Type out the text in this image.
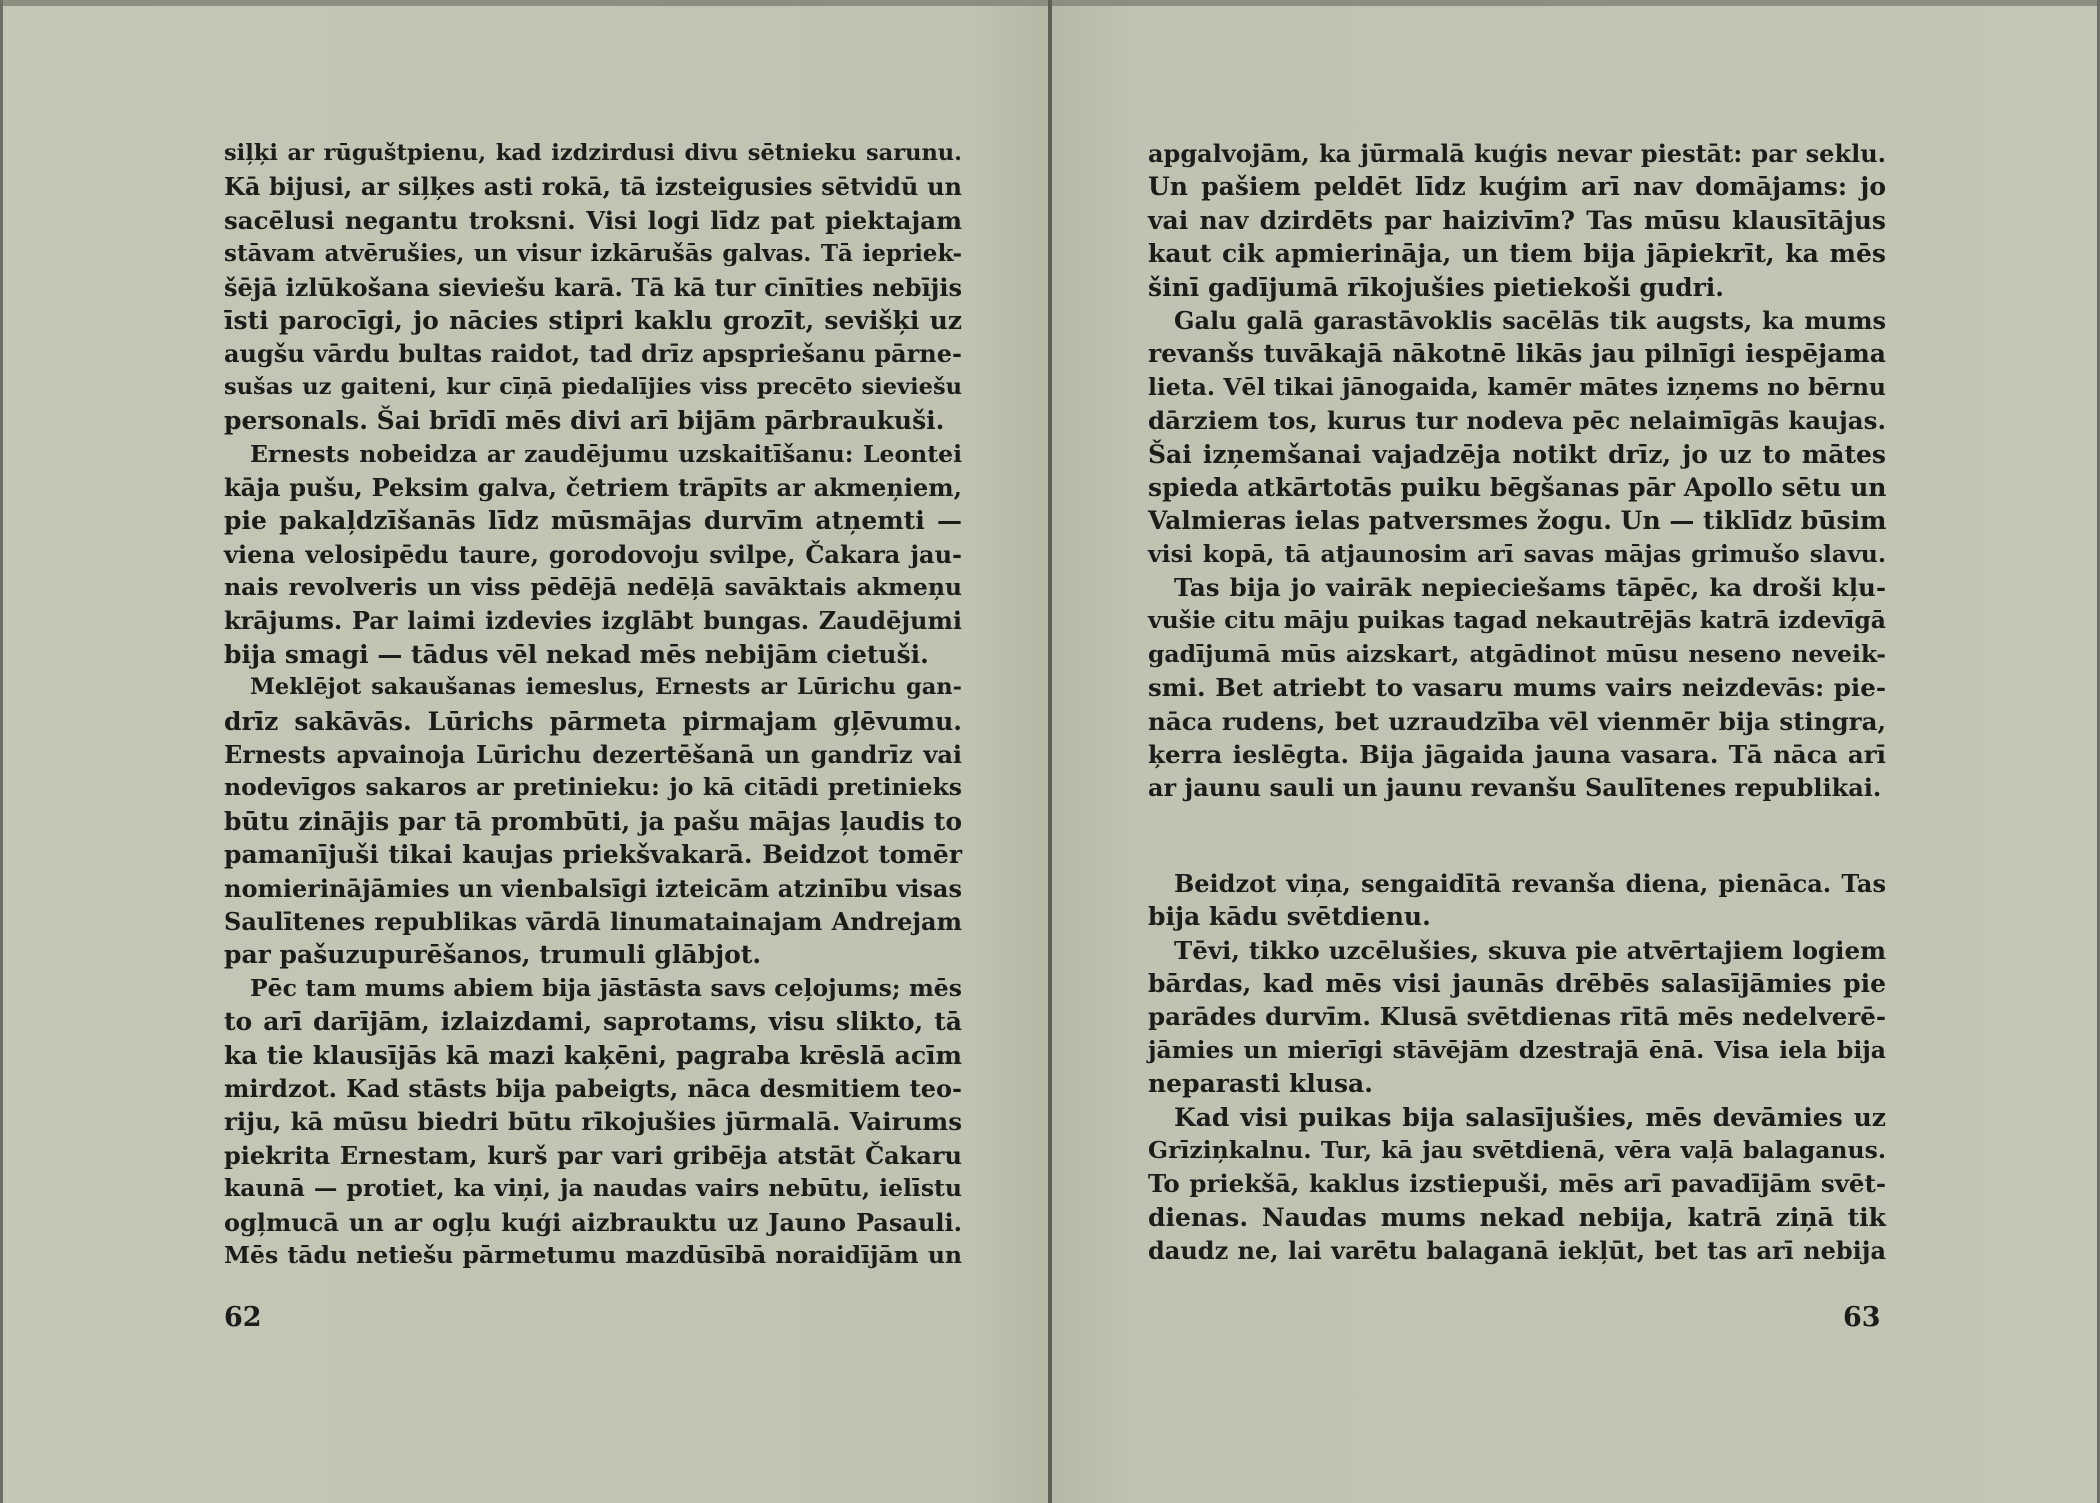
siļķi ar rūguštpienu, kad izdzirdusi divu sētnieku sarunu.
Kā bijusi, ar siļķes asti rokā, tā izsteigusies sētvidū un
sacēlusi negantu troksni. Visi logi līdz pat piektajam
stāvam atvērušies, un visur izkārušās galvas. Tā iepriek-
šējā izlūkošana sieviešu karā. Tā kā tur cīnīties nebījis
īsti parocīgi, jo nācies stipri kaklu grozīt, sevišķi uz
augšu vārdu bultas raidot, tad drīz apspriešanu pārne-
sušas uz gaiteni, kur cīņā piedalījies viss precēto sieviešu
personals. Šai brīdī mēs divi arī bijām pārbraukuši.
Ernests nobeidza ar zaudējumu uzskaitīšanu: Leontei
kāja pušu, Peksim galva, četriem trāpīts ar akmeņiem,
pie pakaļdzīšanās līdz mūsmājas durvīm atņemti —
viena velosipēdu taure, gorodovoju svilpe, Čakara jau-
nais revolveris un viss pēdējā nedēļā savāktais akmeņu
krājums. Par laimi izdevies izglābt bungas. Zaudējumi
bija smagi — tādus vēl nekad mēs nebijām cietuši.
Meklējot sakaušanas iemeslus, Ernests ar Lūrichu gan-
drīz sakāvās. Lūrichs pārmeta pirmajam gļēvumu.
Ernests apvainoja Lūrichu dezertēšanā un gandrīz vai
nodevīgos sakaros ar pretinieku: jo kā citādi pretinieks
būtu zinājis par tā prombūti, ja pašu mājas ļaudis to
pamanījuši tikai kaujas priekšvakarā. Beidzot tomēr
nomierinājāmies un vienbalsīgi izteicām atzinību visas
Saulītenes republikas vārdā linumatainajam Andrejam
par pašuzupurēšanos, trumuli glābjot.
Pēc tam mums abiem bija jāstāsta savs ceļojums; mēs
to arī darījām, izlaizdami, saprotams, visu slikto, tā
ka tie klausījās kā mazi kaķēni, pagraba krēslā acīm
mirdzot. Kad stāsts bija pabeigts, nāca desmitiem teo-
riju, kā mūsu biedri būtu rīkojušies jūrmalā. Vairums
piekrita Ernestam, kurš par vari gribēja atstāt Čakaru
kaunā — protiet, ka viņi, ja naudas vairs nebūtu, ielīstu
ogļmucā un ar ogļu kuģi aizbrauktu uz Jauno Pasauli.
Mēs tādu netiešu pārmetumu mazdūsībā noraidījām un
62
apgalvojām, ka jūrmalā kuģis nevar piestāt: par seklu.
Un pašiem peldēt līdz kuģim arī nav domājams: jo
vai nav dzirdēts par haizivīm? Tas mūsu klausītājus
kaut cik apmierināja, un tiem bija jāpiekrīt, ka mēs
šinī gadījumā rīkojušies pietiekoši gudri.
Galu galā garastāvoklis sacēlās tik augsts, ka mums
revanšs tuvākajā nākotnē likās jau pilnīgi iespējama
lieta. Vēl tikai jānogaida, kamēr mātes izņems no bērnu
dārziem tos, kurus tur nodeva pēc nelaimīgās kaujas.
Šai izņemšanai vajadzēja notikt drīz, jo uz to mātes
spieda atkārtotās puiku bēgšanas pār Apollo sētu un
Valmieras ielas patversmes žogu. Un — tiklīdz būsim
visi kopā, tā atjaunosim arī savas mājas grimušo slavu.
Tas bija jo vairāk nepieciešams tāpēc, ka droši kļu-
vušie citu māju puikas tagad nekautrējās katrā izdevīgā
gadījumā mūs aizskart, atgādinot mūsu neseno neveik-
smi. Bet atriebt to vasaru mums vairs neizdevās: pie-
nāca rudens, bet uzraudzība vēl vienmēr bija stingra,
ķerra ieslēgta. Bija jāgaida jauna vasara. Tā nāca arī
ar jaunu sauli un jaunu revanšu Saulītenes republikai.
Beidzot viņa, sengaidītā revanša diena, pienāca. Tas
bija kādu svētdienu.
Tēvi, tikko uzcēlušies, skuva pie atvērtajiem logiem
bārdas, kad mēs visi jaunās drēbēs salasījāmies pie
parādes durvīm. Klusā svētdienas rītā mēs nedelverē-
jāmies un mierīgi stāvējām dzestrajā ēnā. Visa iela bija
neparasti klusa.
Kad visi puikas bija salasījušies, mēs devāmies uz
Grīziņkalnu. Tur, kā jau svētdienā, vēra vaļā balaganus.
To priekšā, kaklus izstiepuši, mēs arī pavadījām svēt-
dienas. Naudas mums nekad nebija, katrā ziņā tik
daudz ne, lai varētu balaganā iekļūt, bet tas arī nebija
63
